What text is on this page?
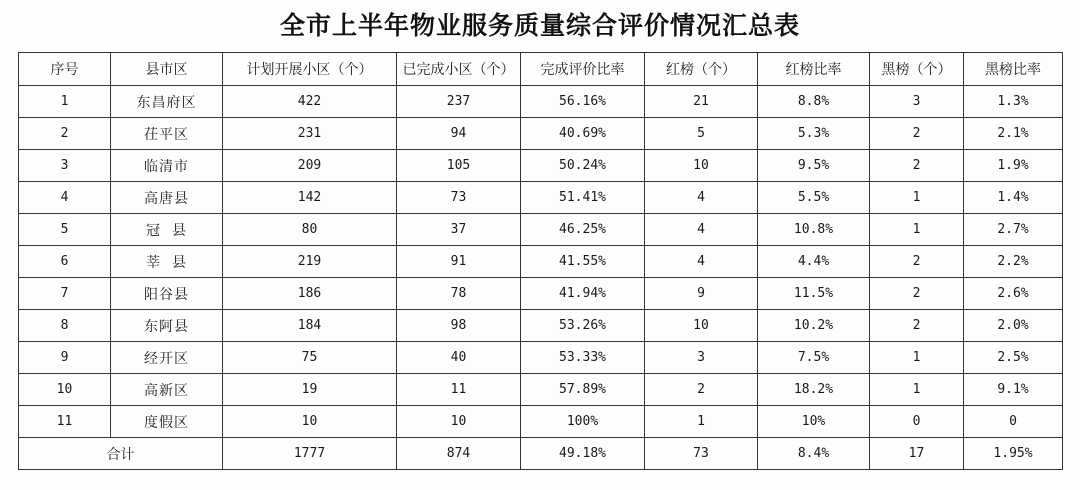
全市上半年物业服务质量综合评价情况汇总表
序号	县市区	计划开展小区（个）	已完成小区（个）	完成评价比率	红榜（个）	红榜比率	黑榜（个）	黑榜比率
1	东昌府区	422	237	56.16%	21	8.8%	3	1.3%
2	茌平区	231	94	40.69%	5	5.3%	2	2.1%
3	临清市	209	105	50.24%	10	9.5%	2	1.9%
4	高唐县	142	73	51.41%	4	5.5%	1	1.4%
5	冠  县	80	37	46.25%	4	10.8%	1	2.7%
6	莘  县	219	91	41.55%	4	4.4%	2	2.2%
7	阳谷县	186	78	41.94%	9	11.5%	2	2.6%
8	东阿县	184	98	53.26%	10	10.2%	2	2.0%
9	经开区	75	40	53.33%	3	7.5%	1	2.5%
10	高新区	19	11	57.89%	2	18.2%	1	9.1%
11	度假区	10	10	100%	1	10%	0	0
合计		1777	874	49.18%	73	8.4%	17	1.95%
